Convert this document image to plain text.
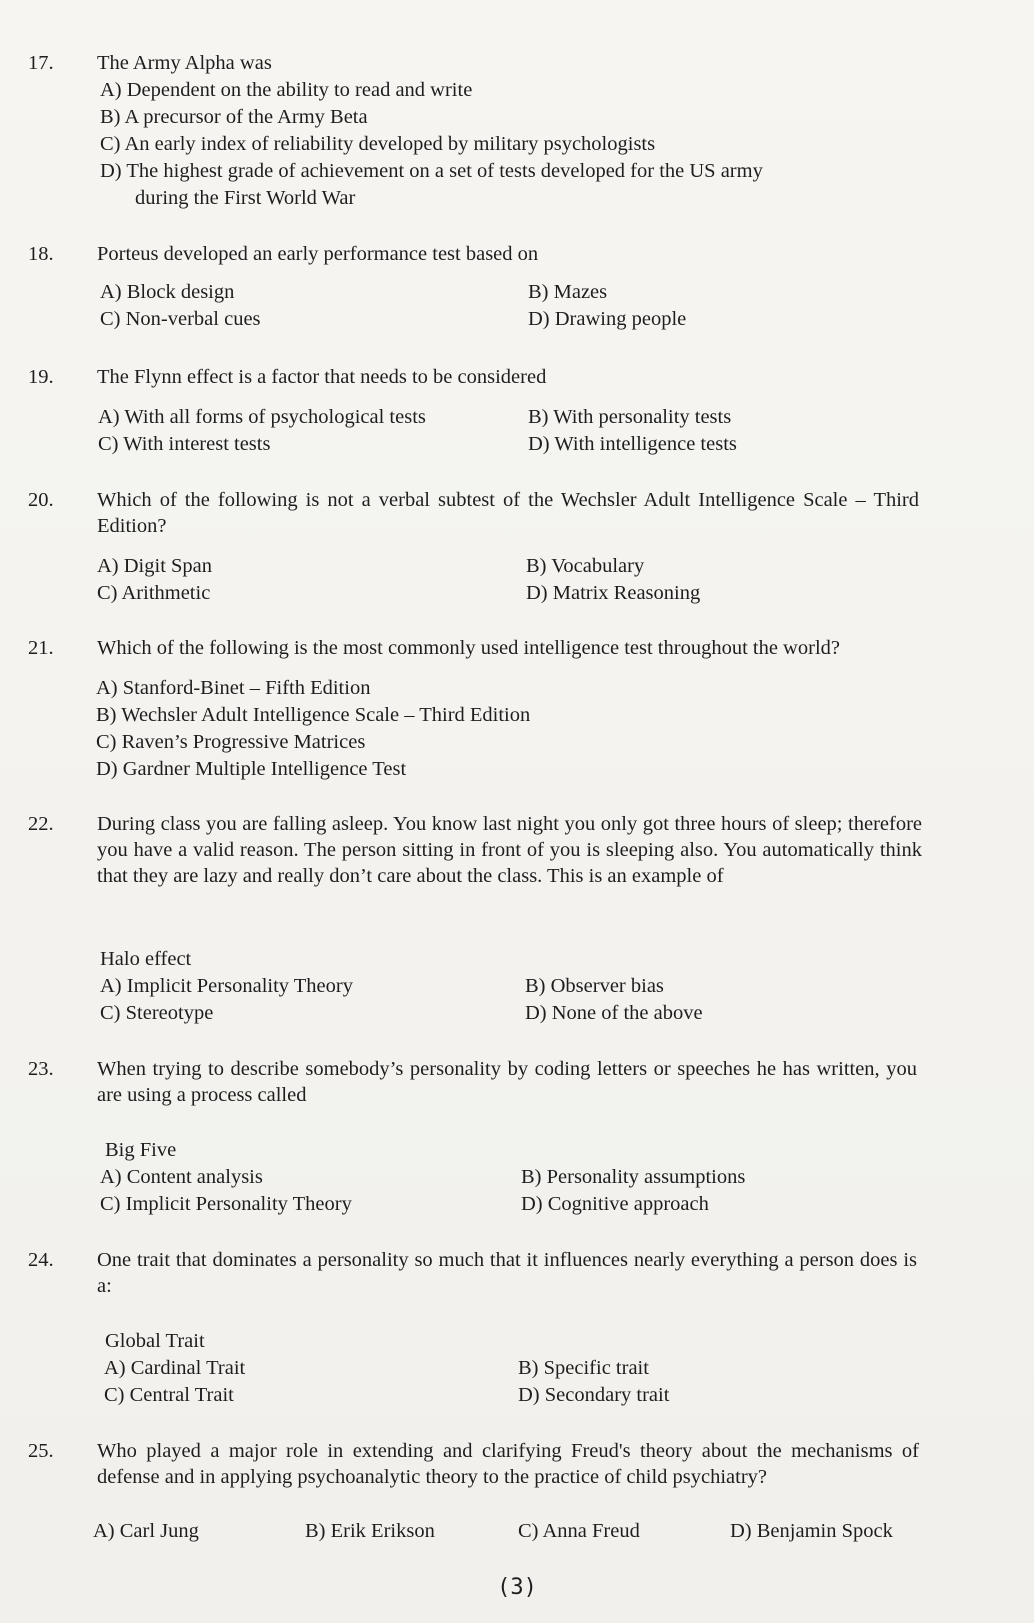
17.	The Army Alpha was
A) Dependent on the ability to read and write
B) A precursor of the Army Beta
C) An early index of reliability developed by military psychologists
D) The highest grade of achievement on a set of tests developed for the US army
during the First World War
18.	Porteus developed an early performance test based on
A) Block design	B) Mazes
C) Non-verbal cues	D) Drawing people
19.	The Flynn effect is a factor that needs to be considered
A) With all forms of psychological tests	B) With personality tests
C) With interest tests	D) With intelligence tests
20.	Which of the following is not a verbal subtest of the Wechsler Adult Intelligence Scale – Third Edition?
A) Digit Span	B) Vocabulary
C) Arithmetic	D) Matrix Reasoning
21.	Which of the following is the most commonly used intelligence test throughout the world?
A) Stanford-Binet – Fifth Edition
B) Wechsler Adult Intelligence Scale – Third Edition
C) Raven’s Progressive Matrices
D) Gardner Multiple Intelligence Test
22.	During class you are falling asleep. You know last night you only got three hours of sleep; therefore you have a valid reason. The person sitting in front of you is sleeping also. You automatically think that they are lazy and really don’t care about the class. This is an example of
Halo effect
A) Implicit Personality Theory	B) Observer bias
C) Stereotype	D) None of the above
23.	When trying to describe somebody’s personality by coding letters or speeches he has written, you are using a process called
Big Five
A) Content analysis	B) Personality assumptions
C) Implicit Personality Theory	D) Cognitive approach
24.	One trait that dominates a personality so much that it influences nearly everything a person does is a:
Global Trait
A) Cardinal Trait	B) Specific trait
C) Central Trait	D) Secondary trait
25.	Who played a major role in extending and clarifying Freud's theory about the mechanisms of defense and in applying psychoanalytic theory to the practice of child psychiatry?
A) Carl Jung	B) Erik Erikson	C) Anna Freud	D) Benjamin Spock
(3)
